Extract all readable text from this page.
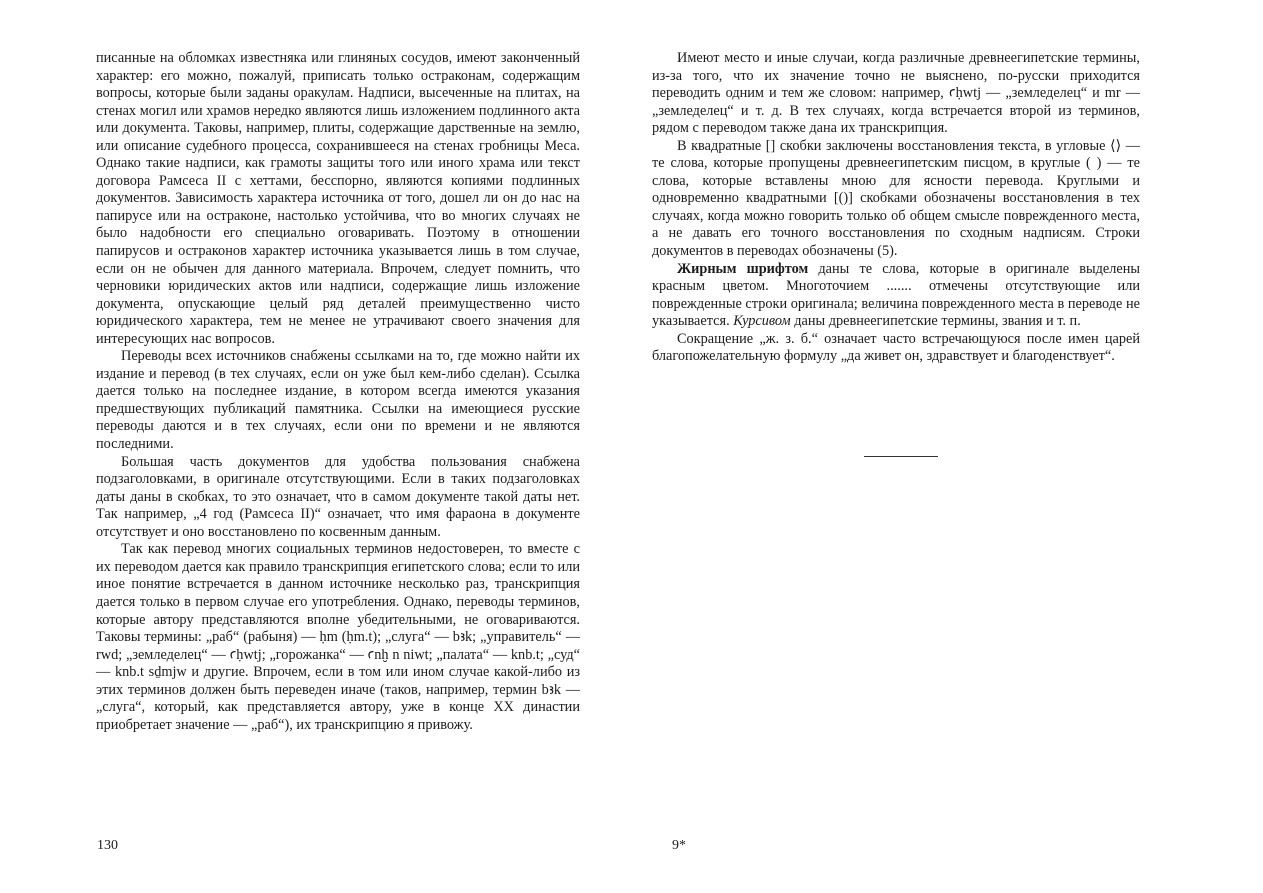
писанные на обломках известняка или глиняных сосудов, имеют законченный характер: его можно, пожалуй, приписать только остраконам, содержащим вопросы, которые были заданы оракулам. Надписи, высеченные на плитах, на стенах могил или храмов нередко являются лишь изложением подлинного акта или документа. Таковы, например, плиты, содержащие дарственные на землю, или описание судебного процесса, сохранившееся на стенах гробницы Меса. Однако такие надписи, как грамоты защиты того или иного храма или текст договора Рамсеса II с хеттами, бесспорно, являются копиями подлинных документов. Зависимость характера источника от того, дошел ли он до нас на папирусе или на остраконе, настолько устойчива, что во многих случаях не было надобности его специально оговаривать. Поэтому в отношении папирусов и остраконов характер источника указывается лишь в том случае, если он не обычен для данного материала. Впрочем, следует помнить, что черновики юридических актов или надписи, содержащие лишь изложение документа, опускающие целый ряд деталей преимущественно чисто юридического характера, тем не менее не утрачивают своего значения для интересующих нас вопросов.

Переводы всех источников снабжены ссылками на то, где можно найти их издание и перевод (в тех случаях, если он уже был кем-либо сделан). Ссылка дается только на последнее издание, в котором всегда имеются указания предшествующих публикаций памятника. Ссылки на имеющиеся русские переводы даются и в тех случаях, если они по времени и не являются последними.

Большая часть документов для удобства пользования снабжена подзаголовками, в оригинале отсутствующими. Если в таких подзаголовках даты даны в скобках, то это означает, что в самом документе такой даты нет. Так например, „4 год (Рамсеса II)“ означает, что имя фараона в документе отсутствует и оно восстановлено по косвенным данным.

Так как перевод многих социальных терминов недостоверен, то вместе с их переводом дается как правило транскрипция египетского слова; если то или иное понятие встречается в данном источнике несколько раз, транскрипция дается только в первом случае его употребления. Однако, переводы терминов, которые автору представляются вполне убедительными, не оговариваются. Таковы термины: „раб“ (рабыня) — ḥm (ḥm.t); „слуга“ — bꜣk; „управитель“ — rwd; „земледелец“ — ꜥḥwtj; „горожанка“ — ꜥnḫ n niwt; „палата“ — knb.t; „суд“ — knb.t sḏmjw и другие. Впрочем, если в том или ином случае какой-либо из этих терминов должен быть переведен иначе (таков, например, термин bꜣk — „слуга“, который, как представляется автору, уже в конце XX династии приобретает значение — „раб“), их транскрипцию я привожу.

Имеют место и иные случаи, когда различные древнеегипетские термины, из-за того, что их значение точно не выяснено, по-русски приходится переводить одним и тем же словом: например, ꜥḥwtj — „земледелец“ и mr — „земледелец“ и т. д. В тех случаях, когда встречается второй из терминов, рядом с переводом также дана их транскрипция.

В квадратные [] скобки заключены восстановления текста, в угловые ⟨⟩ — те слова, которые пропущены древнеегипетским писцом, в круглые ( ) — те слова, которые вставлены мною для ясности перевода. Круглыми и одновременно квадратными [()] скобками обозначены восстановления в тех случаях, когда можно говорить только об общем смысле поврежденного места, а не давать его точного восстановления по сходным надписям. Строки документов в переводах обозначены (5).

Жирным шрифтом даны те слова, которые в оригинале выделены красным цветом. Многоточием ....... отмечены отсутствующие или поврежденные строки оригинала; величина поврежденного места в переводе не указывается. Курсивом даны древнеегипетские термины, звания и т. п.

Сокращение „ж. з. б.“ означает часто встречающуюся после имен царей благопожелательную формулу „да живет он, здравствует и благоденствует“.

130	9*
